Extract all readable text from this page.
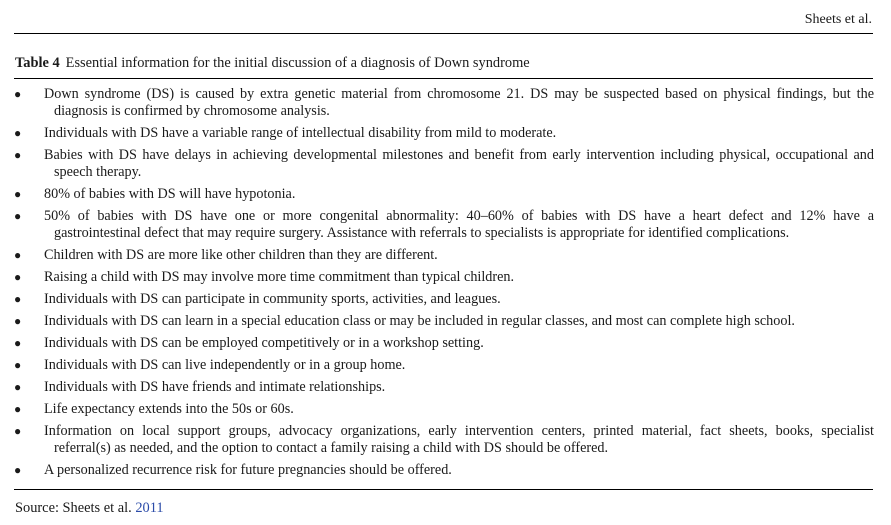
Sheets et al.
Table 4 Essential information for the initial discussion of a diagnosis of Down syndrome
●	Down syndrome (DS) is caused by extra genetic material from chromosome 21. DS may be suspected based on physical findings, but the
diagnosis is confirmed by chromosome analysis.
●	Individuals with DS have a variable range of intellectual disability from mild to moderate.
●	Babies with DS have delays in achieving developmental milestones and benefit from early intervention including physical, occupational and
speech therapy.
●	80% of babies with DS will have hypotonia.
●	50% of babies with DS have one or more congenital abnormality: 40–60% of babies with DS have a heart defect and 12% have a
gastrointestinal defect that may require surgery. Assistance with referrals to specialists is appropriate for identified complications.
●	Children with DS are more like other children than they are different.
●	Raising a child with DS may involve more time commitment than typical children.
●	Individuals with DS can participate in community sports, activities, and leagues.
●	Individuals with DS can learn in a special education class or may be included in regular classes, and most can complete high school.
●	Individuals with DS can be employed competitively or in a workshop setting.
●	Individuals with DS can live independently or in a group home.
●	Individuals with DS have friends and intimate relationships.
●	Life expectancy extends into the 50s or 60s.
●	Information on local support groups, advocacy organizations, early intervention centers, printed material, fact sheets, books, specialist
referral(s) as needed, and the option to contact a family raising a child with DS should be offered.
●	A personalized recurrence risk for future pregnancies should be offered.
Source: Sheets et al. 2011
